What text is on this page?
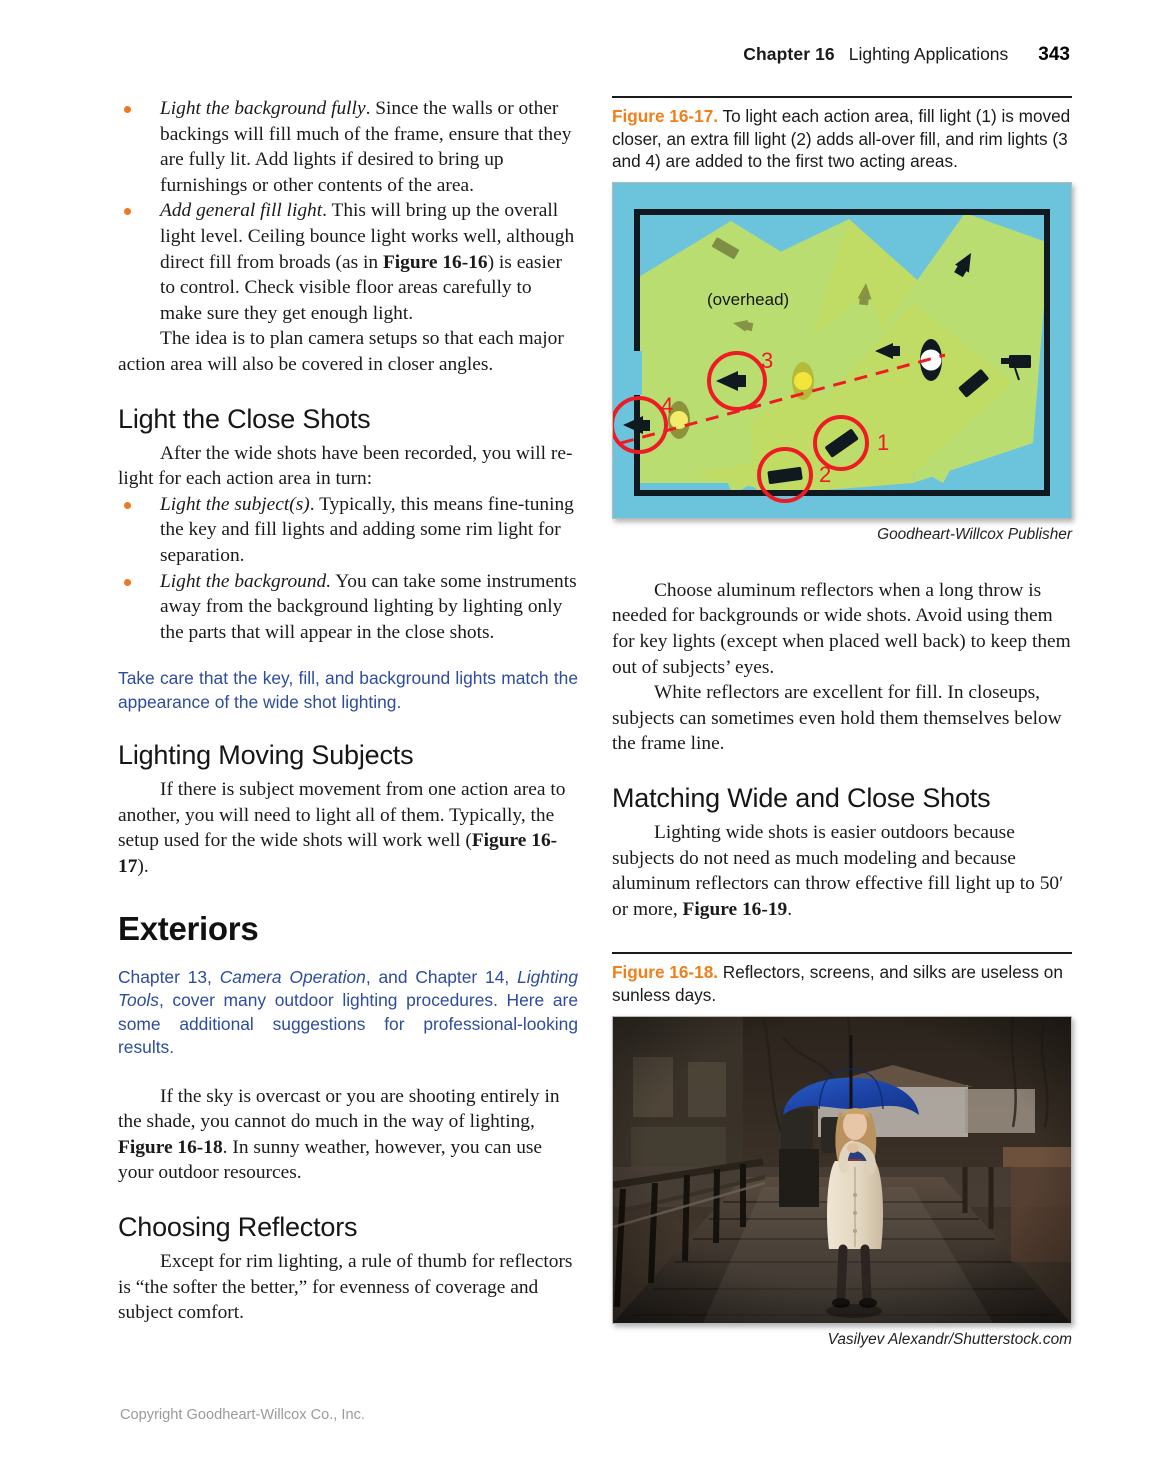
Chapter 16 Lighting Applications 343
Light the background fully. Since the walls or other backings will fill much of the frame, ensure that they are fully lit. Add lights if desired to bring up furnishings or other contents of the area.
Add general fill light. This will bring up the overall light level. Ceiling bounce light works well, although direct fill from broads (as in Figure 16-16) is easier to control. Check visible floor areas carefully to make sure they get enough light.

The idea is to plan camera setups so that each major action area will also be covered in closer angles.

Light the Close Shots

After the wide shots have been recorded, you will re-light for each action area in turn:

Light the subject(s). Typically, this means fine-tuning the key and fill lights and adding some rim light for separation.
Light the background. You can take some instruments away from the background lighting by lighting only the parts that will appear in the close shots.

Take care that the key, fill, and background lights match the appearance of the wide shot lighting.

Lighting Moving Subjects

If there is subject movement from one action area to another, you will need to light all of them. Typically, the setup used for the wide shots will work well (Figure 16-17).

Exteriors

Chapter 13, Camera Operation, and Chapter 14, Lighting Tools, cover many outdoor lighting procedures. Here are some additional suggestions for professional-looking results.

If the sky is overcast or you are shooting entirely in the shade, you cannot do much in the way of lighting, Figure 16-18. In sunny weather, however, you can use your outdoor resources.

Choosing Reflectors

Except for rim lighting, a rule of thumb for reflectors is “the softer the better,” for evenness of coverage and subject comfort.

Figure 16-17. To light each action area, fill light (1) is moved closer, an extra fill light (2) adds all-over fill, and rim lights (3 and 4) are added to the first two acting areas.
(overhead)
1
2
3
4
Goodheart-Willcox Publisher

Choose aluminum reflectors when a long throw is needed for backgrounds or wide shots. Avoid using them for key lights (except when placed well back) to keep them out of subjects’ eyes.

White reflectors are excellent for fill. In closeups, subjects can sometimes even hold them themselves below the frame line.

Matching Wide and Close Shots

Lighting wide shots is easier outdoors because subjects do not need as much modeling and because aluminum reflectors can throw effective fill light up to 50′ or more, Figure 16-19.

Figure 16-18. Reflectors, screens, and silks are useless on sunless days.
Vasilyev Alexandr/Shutterstock.com
Copyright Goodheart-Willcox Co., Inc.
